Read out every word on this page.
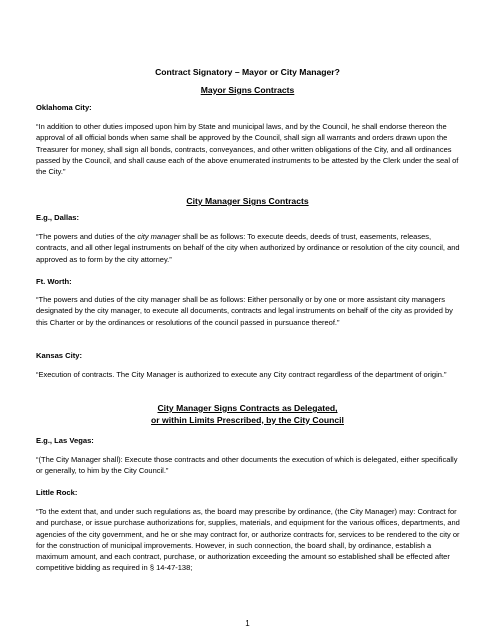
Contract Signatory – Mayor or City Manager?
Mayor Signs Contracts
Oklahoma City:

“In addition to other duties imposed upon him by State and municipal laws, and by the Council, he shall endorse thereon the approval of all official bonds when same shall be approved by the Council, shall sign all warrants and orders drawn upon the Treasurer for money, shall sign all bonds, contracts, conveyances, and other written obligations of the City, and all ordinances passed by the Council, and shall cause each of the above enumerated instruments to be attested by the Clerk under the seal of the City.”

City Manager Signs Contracts
E.g., Dallas:

“The powers and duties of the city manager shall be as follows: To execute deeds, deeds of trust, easements, releases, contracts, and all other legal instruments on behalf of the city when authorized by ordinance or resolution of the city council, and approved as to form by the city attorney.”

Ft. Worth:

“The powers and duties of the city manager shall be as follows: Either personally or by one or more assistant city managers designated by the city manager, to execute all documents, contracts and legal instruments on behalf of the city as provided by this Charter or by the ordinances or resolutions of the council passed in pursuance thereof.”

Kansas City:

“Execution of contracts. The City Manager is authorized to execute any City contract regardless of the department of origin.”

City Manager Signs Contracts as Delegated,
or within Limits Prescribed, by the City Council
E.g., Las Vegas:

“(The City Manager shall): Execute those contracts and other documents the execution of which is delegated, either specifically or generally, to him by the City Council.”

Little Rock:

“To the extent that, and under such regulations as, the board may prescribe by ordinance, (the City Manager) may: Contract for and purchase, or issue purchase authorizations for, supplies, materials, and equipment for the various offices, departments, and agencies of the city government, and he or she may contract for, or authorize contracts for, services to be rendered to the city or for the construction of municipal improvements. However, in such connection, the board shall, by ordinance, establish a maximum amount, and each contract, purchase, or authorization exceeding the amount so established shall be effected after competitive bidding as required in § 14-47-138;

1
